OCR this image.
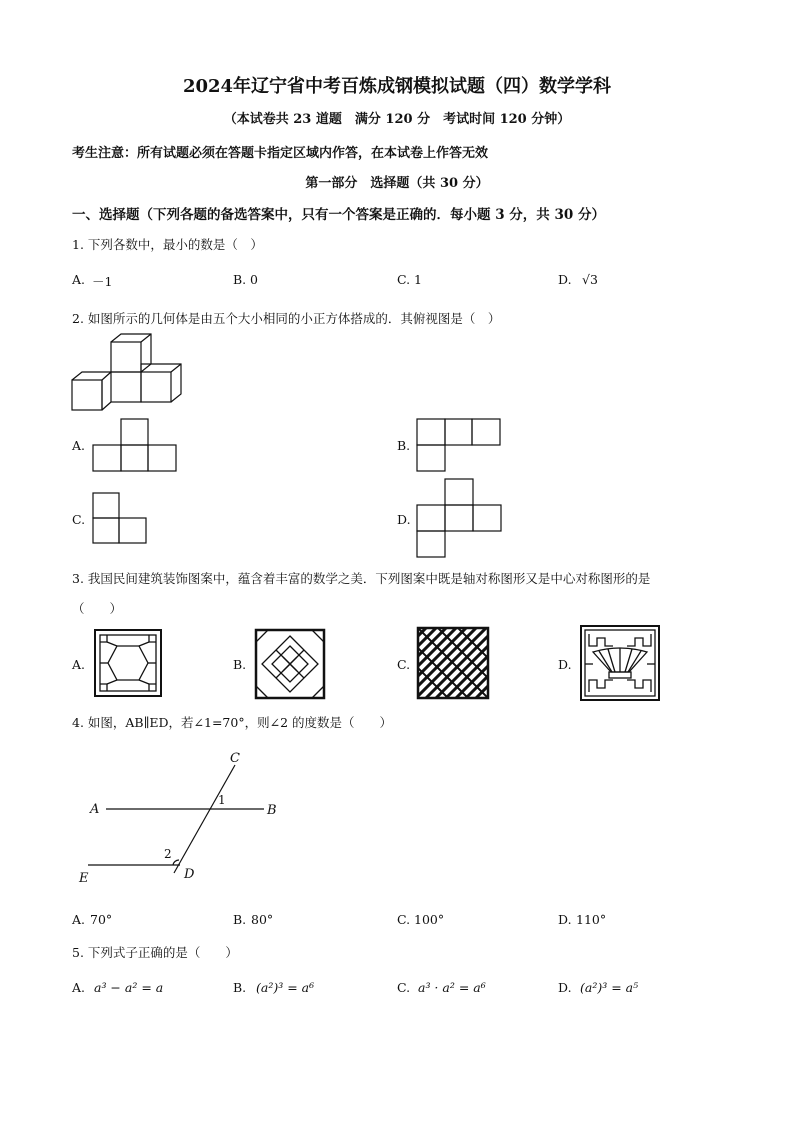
2024年辽宁省中考百炼成钢模拟试题（四）数学学科
（本试卷共 23 道题　满分 120 分　考试时间 120 分钟）
考生注意：所有试题必须在答题卡指定区域内作答，在本试卷上作答无效
第一部分　选择题（共 30 分）
一、选择题（下列各题的备选答案中，只有一个答案是正确的．每小题 3 分，共 30 分）
1. 下列各数中，最小的数是（　）
A. －1	B. 0	C. 1	D. √3
2. 如图所示的几何体是由五个大小相同的小正方体搭成的．其俯视图是（　）
A.	B.
C.	D.
3. 我国民间建筑装饰图案中，蕴含着丰富的数学之美．下列图案中既是轴对称图形又是中心对称图形的是
（　　）
A.	B.	C.	D.
4. 如图，AB∥ED，若∠1=70°，则∠2 的度数是（　　）
A	B
C
D
E
1
2
A. 70°	B. 80°	C. 100°	D. 110°
5. 下列式子正确的是（　　）
A. a³ − a² = a	B. (a²)³ = a⁶	C. a³ · a² = a⁶	D. (a²)³ = a⁵
